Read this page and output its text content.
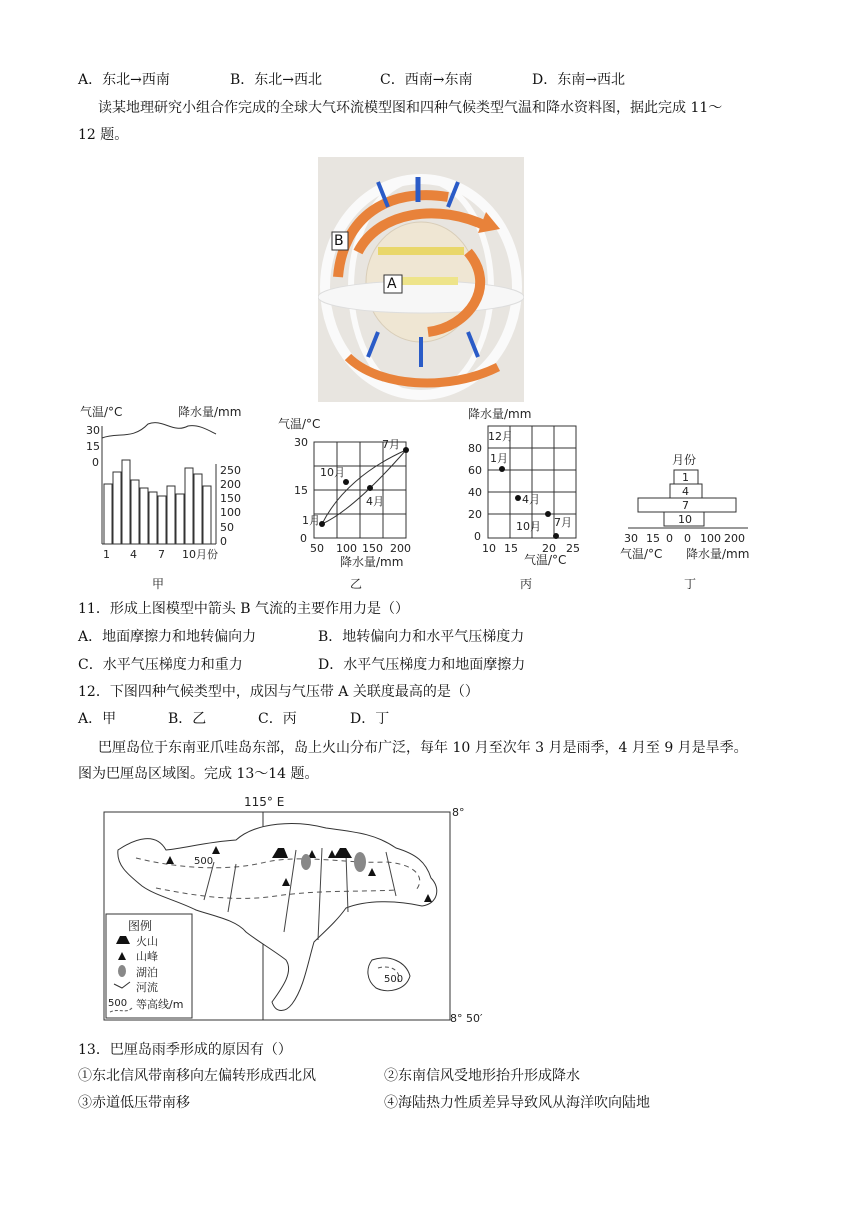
A．东北→西南	B．东北→西北	C．西南→东南	D．东南→西北
读某地理研究小组合作完成的全球大气环流模型图和四种气候类型气温和降水资料图，据此完成 11～
12 题。
B
A
气温/°C	降水量/mm
30
15
0
250
200
150
100
50
0
1 4 7 10月份
甲
气温/°C
30
15
0
1月
4月
7月
10月
50 100 150 200
降水量/mm
乙
降水量/mm
12月
1月
4月
10月 7月
80
60
40
20
0
10 15 20 25
气温/°C
丙
月份
1
4
7
10
30 15 0 0 100 200
气温/°C 降水量/mm
丁
11．形成上图模型中箭头 B 气流的主要作用力是（）
A．地面摩擦力和地转偏向力	B．地转偏向力和水平气压梯度力
C．水平气压梯度力和重力	D．水平气压梯度力和地面摩擦力
12．下图四种气候类型中，成因与气压带 A 关联度最高的是（）
A．甲	B．乙	C．丙	D．丁
巴厘岛位于东南亚爪哇岛东部，岛上火山分布广泛，每年 10 月至次年 3 月是雨季，4 月至 9 月是旱季。
图为巴厘岛区域图。完成 13～14 题。
115° E
8°
8° 50′
500
500
图例
火山
山峰
湖泊
河流
500 等高线/m
13．巴厘岛雨季形成的原因有（）
①东北信风带南移向左偏转形成西北风	②东南信风受地形抬升形成降水
③赤道低压带南移	④海陆热力性质差异导致风从海洋吹向陆地
